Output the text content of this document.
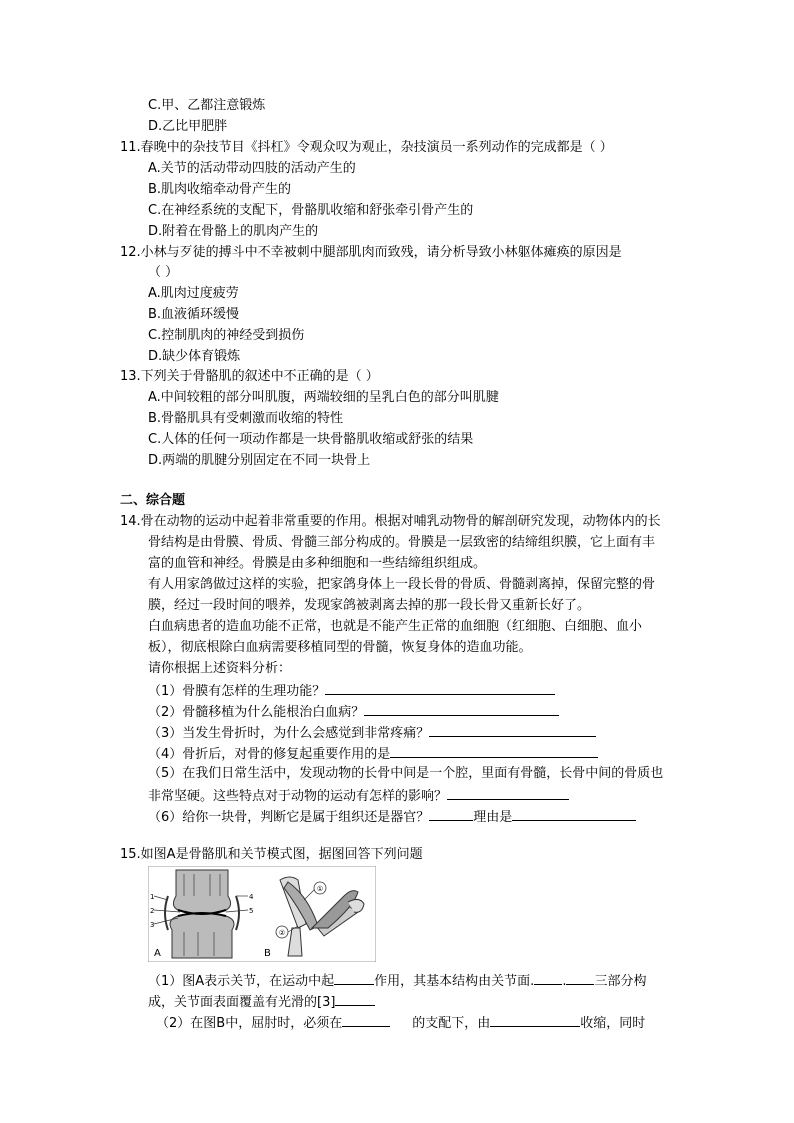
C.甲、乙都注意锻炼
D.乙比甲肥胖
11.春晚中的杂技节目《抖杠》令观众叹为观止，杂技演员一系列动作的完成都是（ ）
A.关节的活动带动四肢的活动产生的
B.肌肉收缩牵动骨产生的
C.在神经系统的支配下，骨骼肌收缩和舒张牵引骨产生的
D.附着在骨骼上的肌肉产生的
12.小林与歹徒的搏斗中不幸被刺中腿部肌肉而致残，请分析导致小林躯体瘫痪的原因是
（ ）
A.肌肉过度疲劳
B.血液循环缓慢
C.控制肌肉的神经受到损伤
D.缺少体育锻炼
13.下列关于骨骼肌的叙述中不正确的是（ ）
A.中间较粗的部分叫肌腹，两端较细的呈乳白色的部分叫肌腱
B.骨骼肌具有受刺激而收缩的特性
C.人体的任何一项动作都是一块骨骼肌收缩或舒张的结果
D.两端的肌腱分别固定在不同一块骨上
二、综合题
14.骨在动物的运动中起着非常重要的作用。根据对哺乳动物骨的解剖研究发现，动物体内的长
骨结构是由骨膜、骨质、骨髓三部分构成的。骨膜是一层致密的结缔组织膜，它上面有丰
富的血管和神经。骨膜是由多种细胞和一些结缔组织组成。
有人用家鸽做过这样的实验，把家鸽身体上一段长骨的骨质、骨髓剥离掉，保留完整的骨
膜，经过一段时间的喂养，发现家鸽被剥离去掉的那一段长骨又重新长好了。
白血病患者的造血功能不正常，也就是不能产生正常的血细胞（红细胞、白细胞、血小
板），彻底根除白血病需要移植同型的骨髓，恢复身体的造血功能。
请你根据上述资料分析：
（1）骨膜有怎样的生理功能？
（2）骨髓移植为什么能根治白血病？
（3）当发生骨折时，为什么会感觉到非常疼痛？
（4）骨折后，对骨的修复起重要作用的是
（5）在我们日常生活中，发现动物的长骨中间是一个腔，里面有骨髓，长骨中间的骨质也
非常坚硬。这些特点对于动物的运动有怎样的影响？
（6）给你一块骨，判断它是属于组织还是器官？	理由是
15.如图A是骨骼肌和关节模式图，据图回答下列问题
1
2
3
4
5
A
①
②
B
（1）图A表示关节，在运动中起	作用，其基本结构由关节面. . 三部分构
成，关节面表面覆盖有光滑的[3]
（2）在图B中，屈肘时，必须在	的支配下，由	收缩，同时
